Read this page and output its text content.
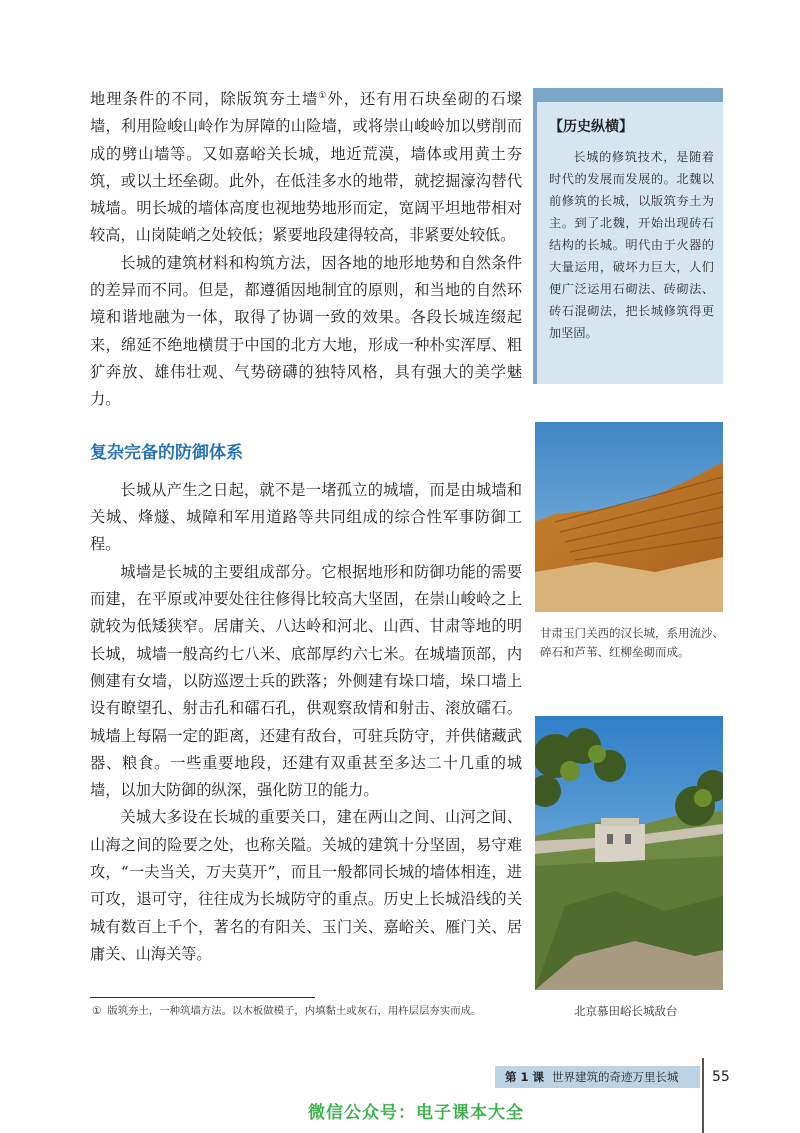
地理条件的不同，除版筑夯土墙①外，还有用石块垒砌的石墚墙，利用险峻山岭作为屏障的山险墙，或将崇山峻岭加以劈削而成的劈山墙等。又如嘉峪关长城，地近荒漠，墙体或用黄土夯筑，或以土坯垒砌。此外，在低洼多水的地带，就挖掘濠沟替代城墙。明长城的墙体高度也视地势地形而定，宽阔平坦地带相对较高，山岗陡峭之处较低；紧要地段建得较高，非紧要处较低。

长城的建筑材料和构筑方法，因各地的地形地势和自然条件的差异而不同。但是，都遵循因地制宜的原则，和当地的自然环境和谐地融为一体，取得了协调一致的效果。各段长城连缀起来，绵延不绝地横贯于中国的北方大地，形成一种朴实浑厚、粗犷奔放、雄伟壮观、气势磅礴的独特风格，具有强大的美学魅力。

复杂完备的防御体系

长城从产生之日起，就不是一堵孤立的城墙，而是由城墙和关城、烽燧、城障和军用道路等共同组成的综合性军事防御工程。

城墙是长城的主要组成部分。它根据地形和防御功能的需要而建，在平原或冲要处往往修得比较高大坚固，在崇山峻岭之上就较为低矮狭窄。居庸关、八达岭和河北、山西、甘肃等地的明长城，城墙一般高约七八米、底部厚约六七米。在城墙顶部，内侧建有女墙，以防巡逻士兵的跌落；外侧建有垛口墙，垛口墙上设有瞭望孔、射击孔和礌石孔，供观察敌情和射击、滚放礌石。城墙上每隔一定的距离，还建有敌台，可驻兵防守，并供储藏武器、粮食。一些重要地段，还建有双重甚至多达二十几重的城墙，以加大防御的纵深，强化防卫的能力。

关城大多设在长城的重要关口，建在两山之间、山河之间、山海之间的险要之处，也称关隘。关城的建筑十分坚固，易守难攻，“一夫当关，万夫莫开”，而且一般都同长城的墙体相连，进可攻，退可守，往往成为长城防守的重点。历史上长城沿线的关城有数百上千个，著名的有阳关、玉门关、嘉峪关、雁门关、居庸关、山海关等。

【历史纵横】
长城的修筑技术，是随着时代的发展而发展的。北魏以前修筑的长城，以版筑夯土为主。到了北魏，开始出现砖石结构的长城。明代由于火器的大量运用，破坏力巨大，人们便广泛运用石砌法、砖砌法、砖石混砌法，把长城修筑得更加坚固。
甘肃玉门关西的汉长城，系用流沙、碎石和芦苇、红柳垒砌而成。
北京慕田峪长城敌台
① 版筑夯土，一种筑墙方法。以木板做模子，内填黏土或灰石，用杵层层夯实而成。
第 1 课 世界建筑的奇迹万里长城	55
微信公众号：电子课本大全
